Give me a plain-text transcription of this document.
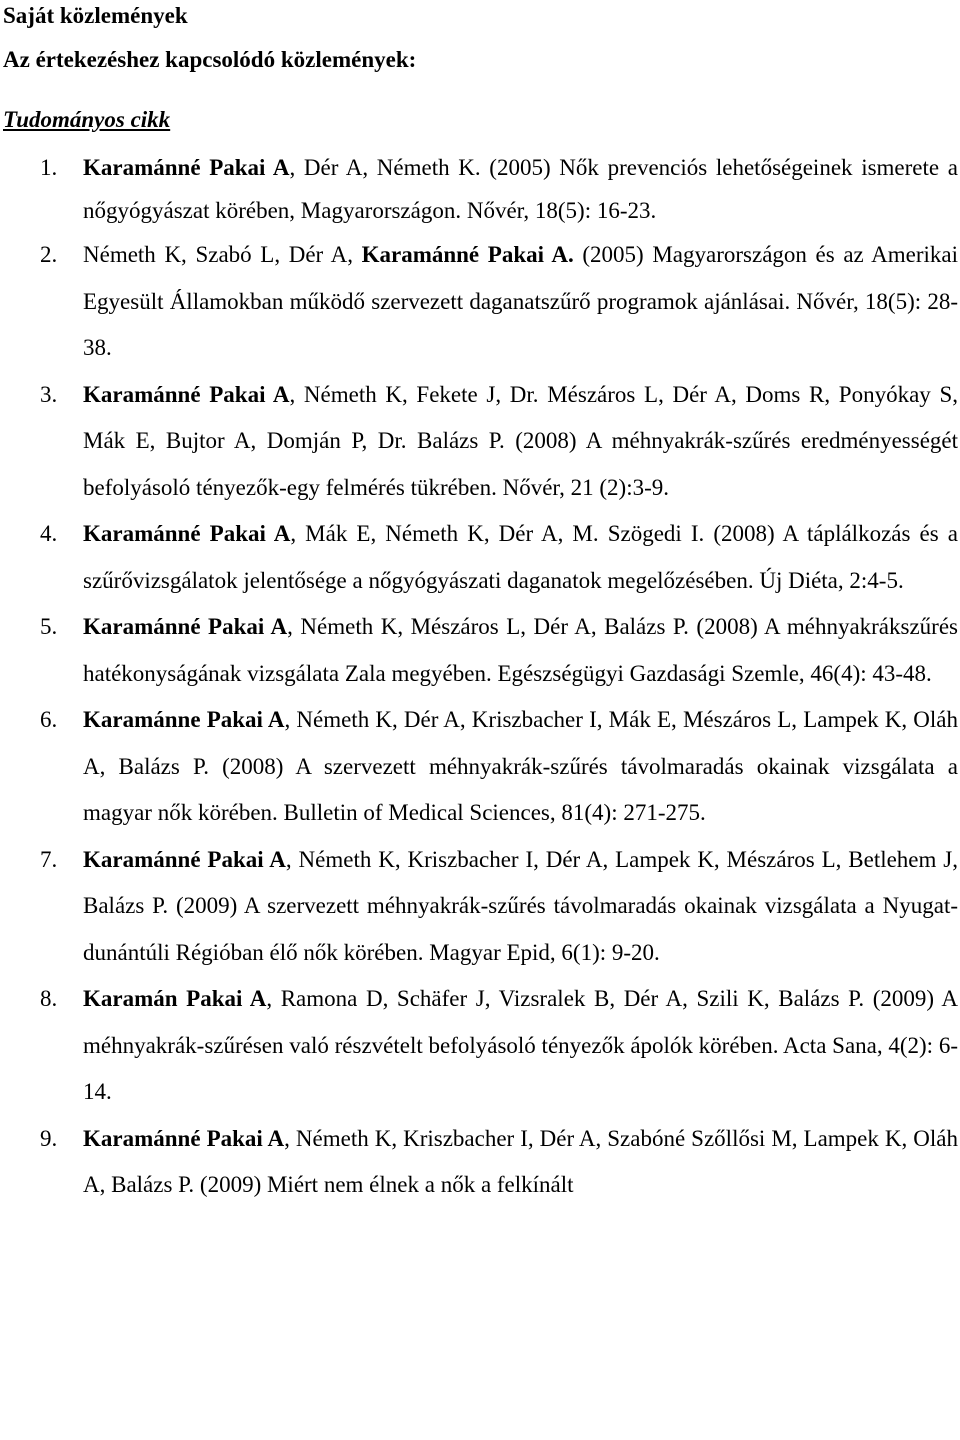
Saját közlemények
Az értekezéshez kapcsolódó közlemények:
Tudományos cikk
1. Karamánné Pakai A, Dér A, Németh K. (2005) Nők prevenciós lehetőségeinek ismerete a nőgyógyászat körében, Magyarországon. Nővér, 18(5): 16-23.
2. Németh K, Szabó L, Dér A, Karamánné Pakai A. (2005) Magyarországon és az Amerikai Egyesült Államokban működő szervezett daganatszűrő programok ajánlásai. Nővér, 18(5): 28-38.
3. Karamánné Pakai A, Németh K, Fekete J, Dr. Mészáros L, Dér A, Doms R, Ponyókay S, Mák E, Bujtor A, Domján P, Dr. Balázs P. (2008) A méhnyakrák-szűrés eredményességét befolyásoló tényezők-egy felmérés tükrében. Nővér, 21 (2):3-9.
4. Karamánné Pakai A, Mák E, Németh K, Dér A, M. Szögedi I. (2008) A táplálkozás és a szűrővizsgálatok jelentősége a nőgyógyászati daganatok megelőzésében. Új Diéta, 2:4-5.
5. Karamánné Pakai A, Németh K, Mészáros L, Dér A, Balázs P. (2008) A méhnyakrákszűrés hatékonyságának vizsgálata Zala megyében. Egészségügyi Gazdasági Szemle, 46(4): 43-48.
6. Karamánne Pakai A, Németh K, Dér A, Kriszbacher I, Mák E, Mészáros L, Lampek K, Oláh A, Balázs P. (2008) A szervezett méhnyakrák-szűrés távolmaradás okainak vizsgálata a magyar nők körében. Bulletin of Medical Sciences, 81(4): 271-275.
7. Karamánné Pakai A, Németh K, Kriszbacher I, Dér A, Lampek K, Mészáros L, Betlehem J, Balázs P. (2009) A szervezett méhnyakrák-szűrés távolmaradás okainak vizsgálata a Nyugat-dunántúli Régióban élő nők körében. Magyar Epid, 6(1): 9-20.
8. Karamán Pakai A, Ramona D, Schäfer J, Vizsralek B, Dér A, Szili K, Balázs P. (2009) A méhnyakrák-szűrésen való részvételt befolyásoló tényezők ápolók körében. Acta Sana, 4(2): 6-14.
9. Karamánné Pakai A, Németh K, Kriszbacher I, Dér A, Szabóné Szőllősi M, Lampek K, Oláh A, Balázs P. (2009) Miért nem élnek a nők a felkínált
